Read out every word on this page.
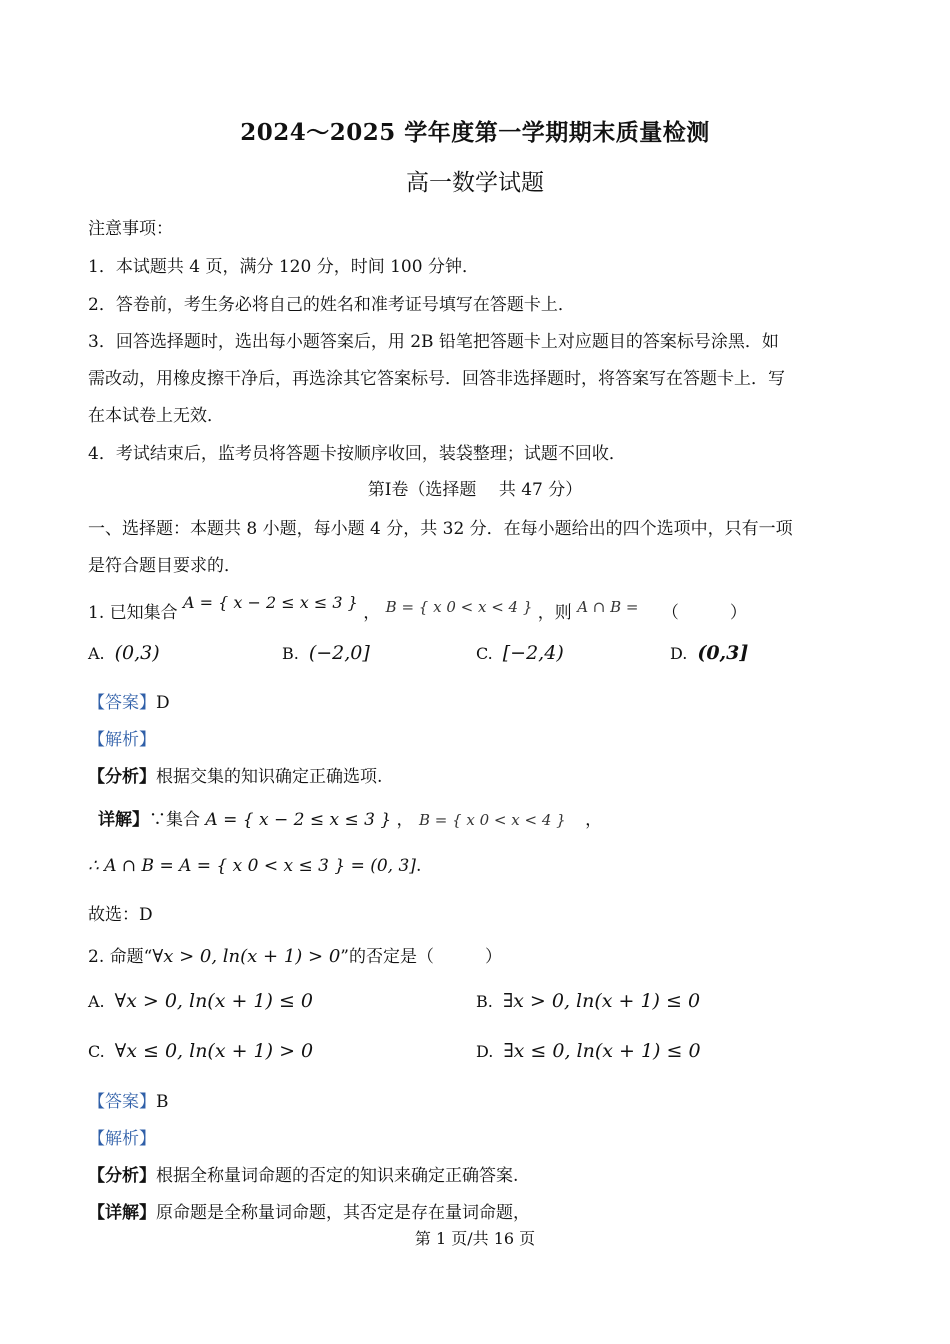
2024～2025 学年度第一学期期末质量检测
高一数学试题
注意事项：
1．本试题共 4 页，满分 120 分，时间 100 分钟．
2．答卷前，考生务必将自己的姓名和准考证号填写在答题卡上．
3．回答选择题时，选出每小题答案后，用 2B 铅笔把答题卡上对应题目的答案标号涂黑．如
需改动，用橡皮擦干净后，再选涂其它答案标号．回答非选择题时，将答案写在答题卡上．写
在本试卷上无效．
4．考试结束后，监考员将答题卡按顺序收回，装袋整理；试题不回收．
第Ⅰ卷（选择题　 共 47 分）
一、选择题：本题共 8 小题，每小题 4 分，共 32 分．在每小题给出的四个选项中，只有一项
是符合题目要求的．
1. 已知集合 A = { x − 2 ≤ x ≤ 3 } ， B = { x 0 < x < 4 } ，则 A ∩ B = （　　　）
A. (0,3)	B. (−2,0]	C. [−2,4)	D. (0,3]
【答案】D
【解析】
【分析】根据交集的知识确定正确选项.
详解】∵集合 A = { x − 2 ≤ x ≤ 3 } ， B = { x 0 < x < 4 } ，
∴ A ∩ B = A = { x 0 < x ≤ 3 } = (0, 3].
故选：D
2. 命题“∀x > 0, ln(x + 1) > 0”的否定是（　　　）
A. ∀x > 0, ln(x + 1) ≤ 0	B. ∃x > 0, ln(x + 1) ≤ 0
C. ∀x ≤ 0, ln(x + 1) > 0	D. ∃x ≤ 0, ln(x + 1) ≤ 0
【答案】B
【解析】
【分析】根据全称量词命题的否定的知识来确定正确答案.
【详解】原命题是全称量词命题，其否定是存在量词命题，
第 1 页/共 16 页
